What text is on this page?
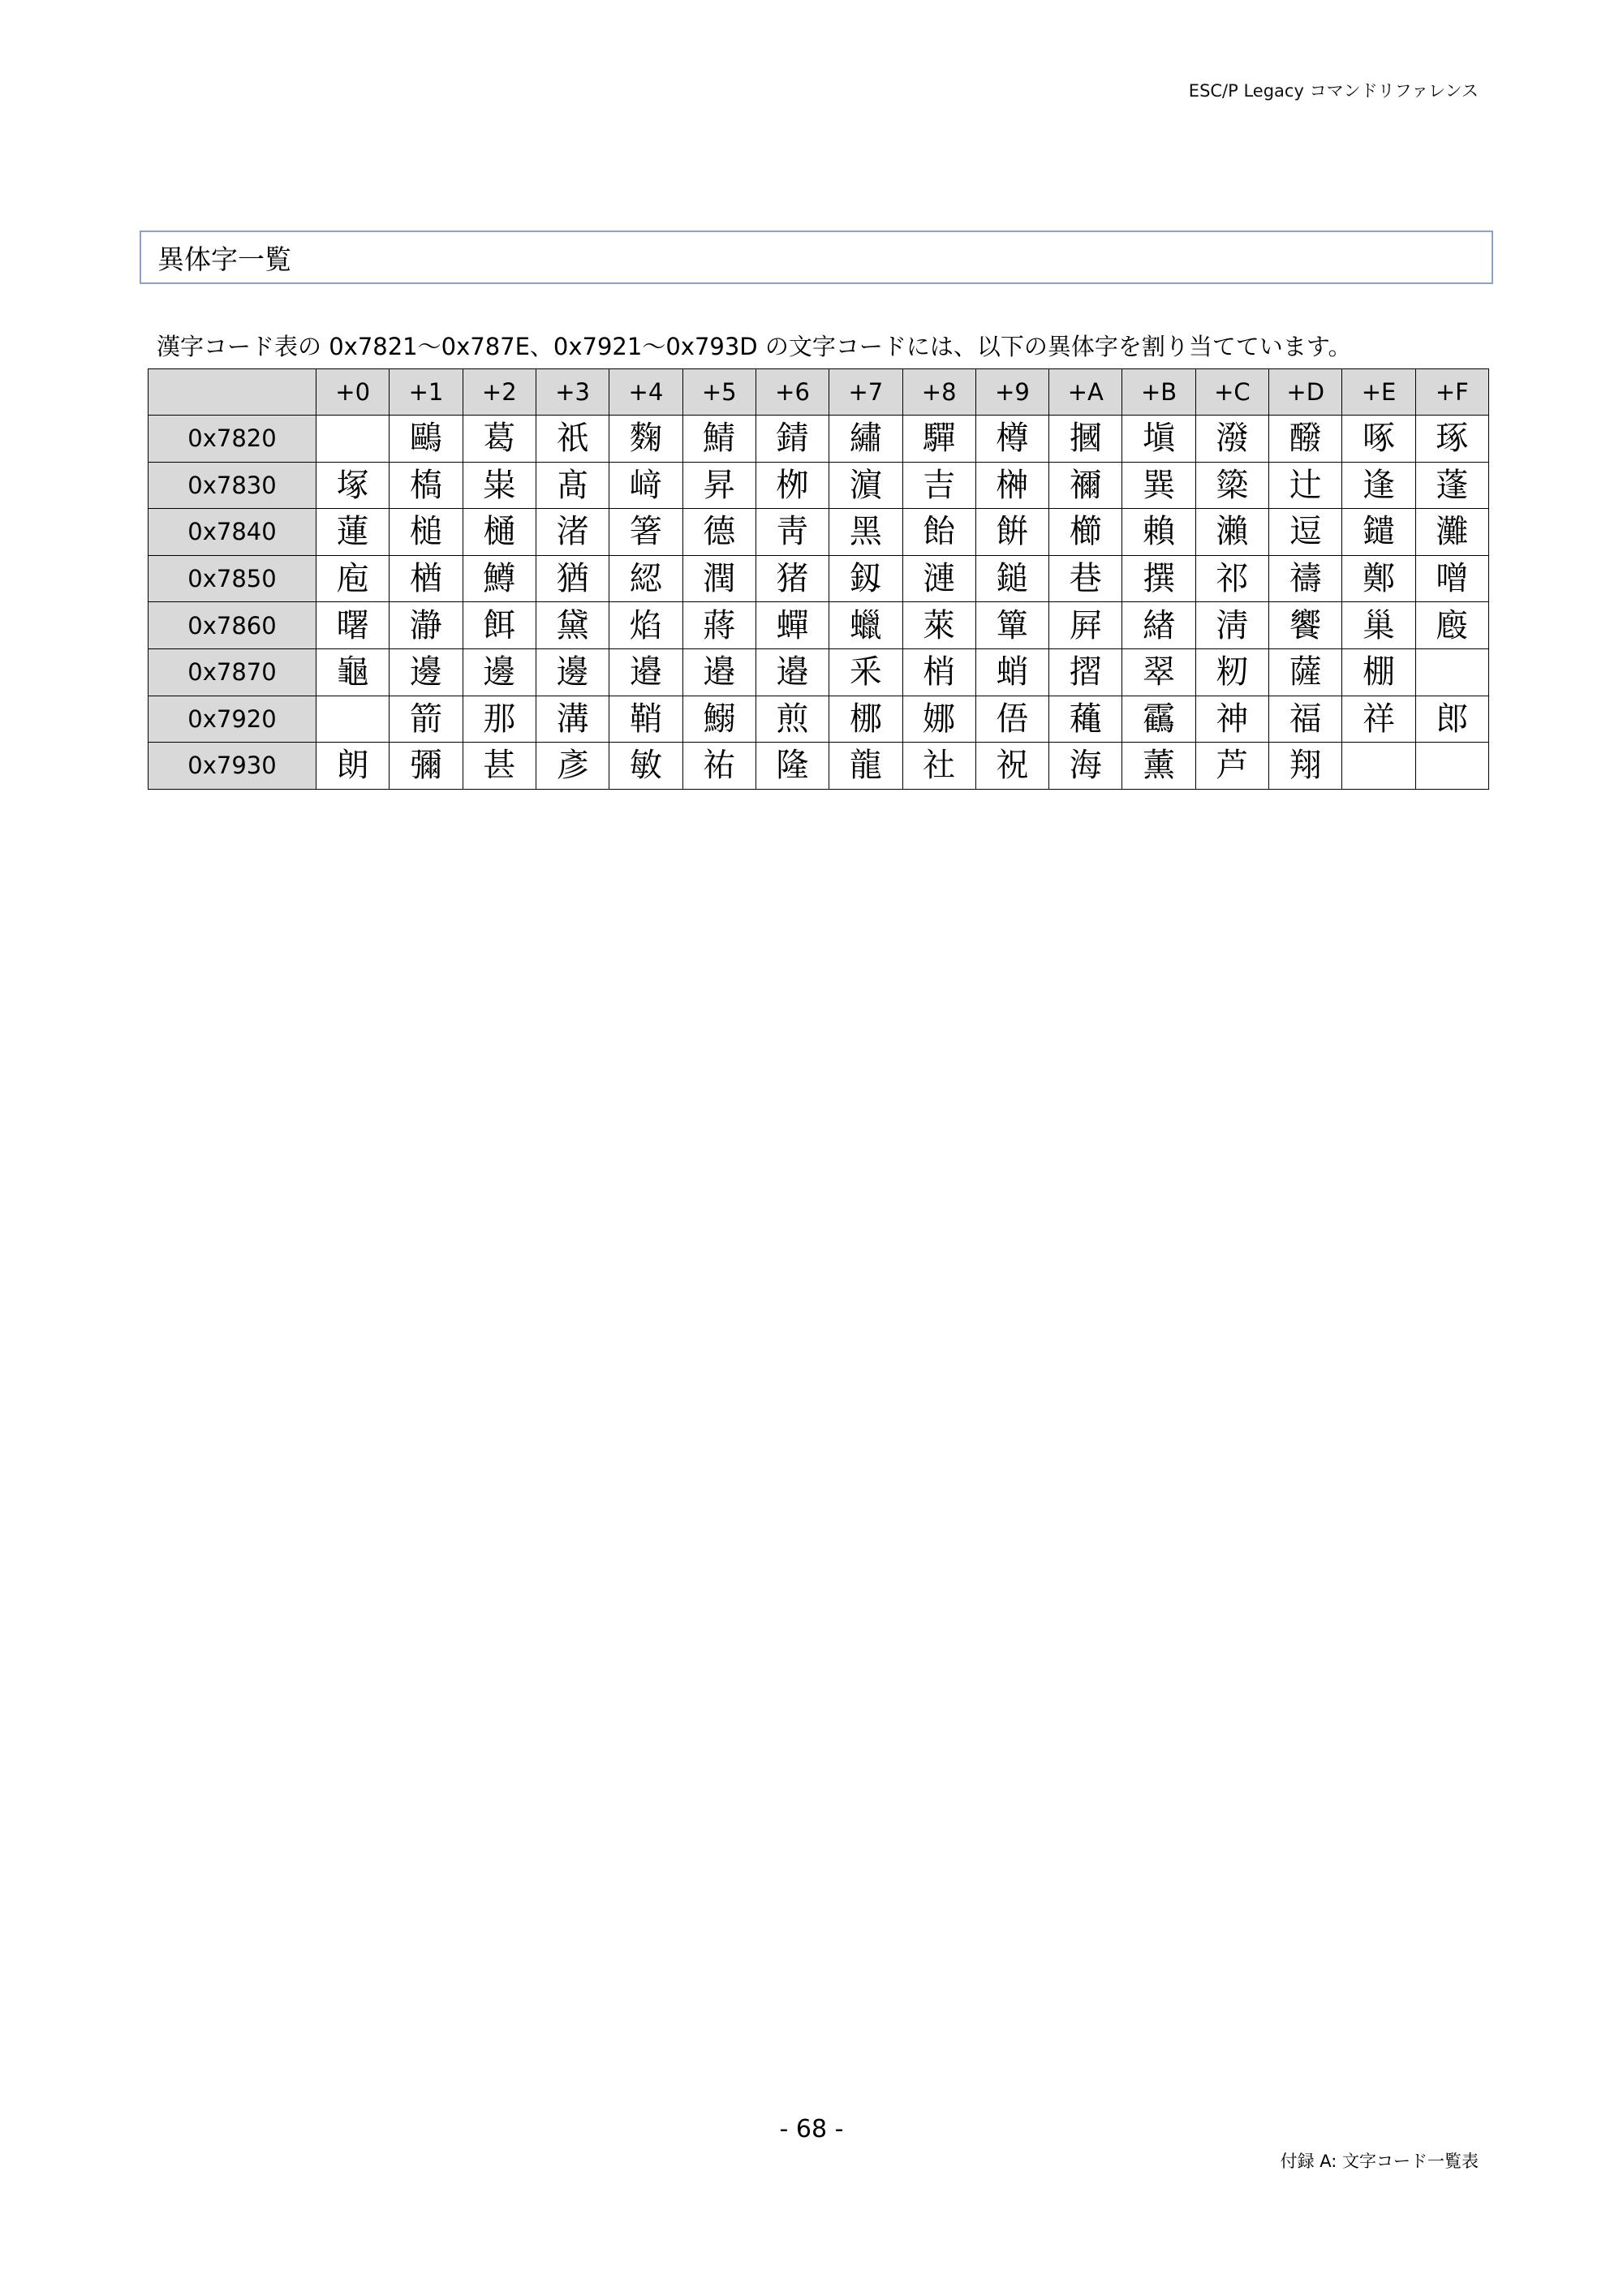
ESC/P Legacy コマンドリファレンス
異体字一覧
漢字コード表の 0x7821～0x787E、0x7921～0x793D の文字コードには、以下の異体字を割り当てています。
	+0	+1	+2	+3	+4	+5	+6	+7	+8	+9	+A	+B	+C	+D	+E	+F
0x7820		鷗	葛	祇	麴	鯖	錆	繡	驒	樽	摑	塡	潑	醱	啄	琢
0x7830	塚	槗	粜	髙	﨑	昇	栁	濵	吉	榊	禰	巽	簗	辻	逢	蓬
0x7840	蓮	槌	樋	渚	箸	德	靑	黑	飴	餠	櫛	賴	瀨	逗	鑓	灘
0x7850	庖	楢	鱒	猶	綛	潤	猪	釼	漣	鎚	巷	撰	祁	禱	鄭	噌
0x7860	曙	瀞	餌	黛	焰	蔣	蟬	蠟	萊	簞	屛	緖	淸	饗	巢	廏
0x7870	龜	邊	邊	邊	邉	邉	邉	釆	梢	蛸	摺	翠	籾	薩	棚	
0x7920		箭	那	溝	鞘	鰯	煎	梛	娜	俉	蘒	靍	神	福	祥	郎
0x7930	朗	彌	甚	彥	敏	祐	隆	龍	社	祝	海	薰	芦	翔		
- 68 -
付録 A: 文字コード一覧表
